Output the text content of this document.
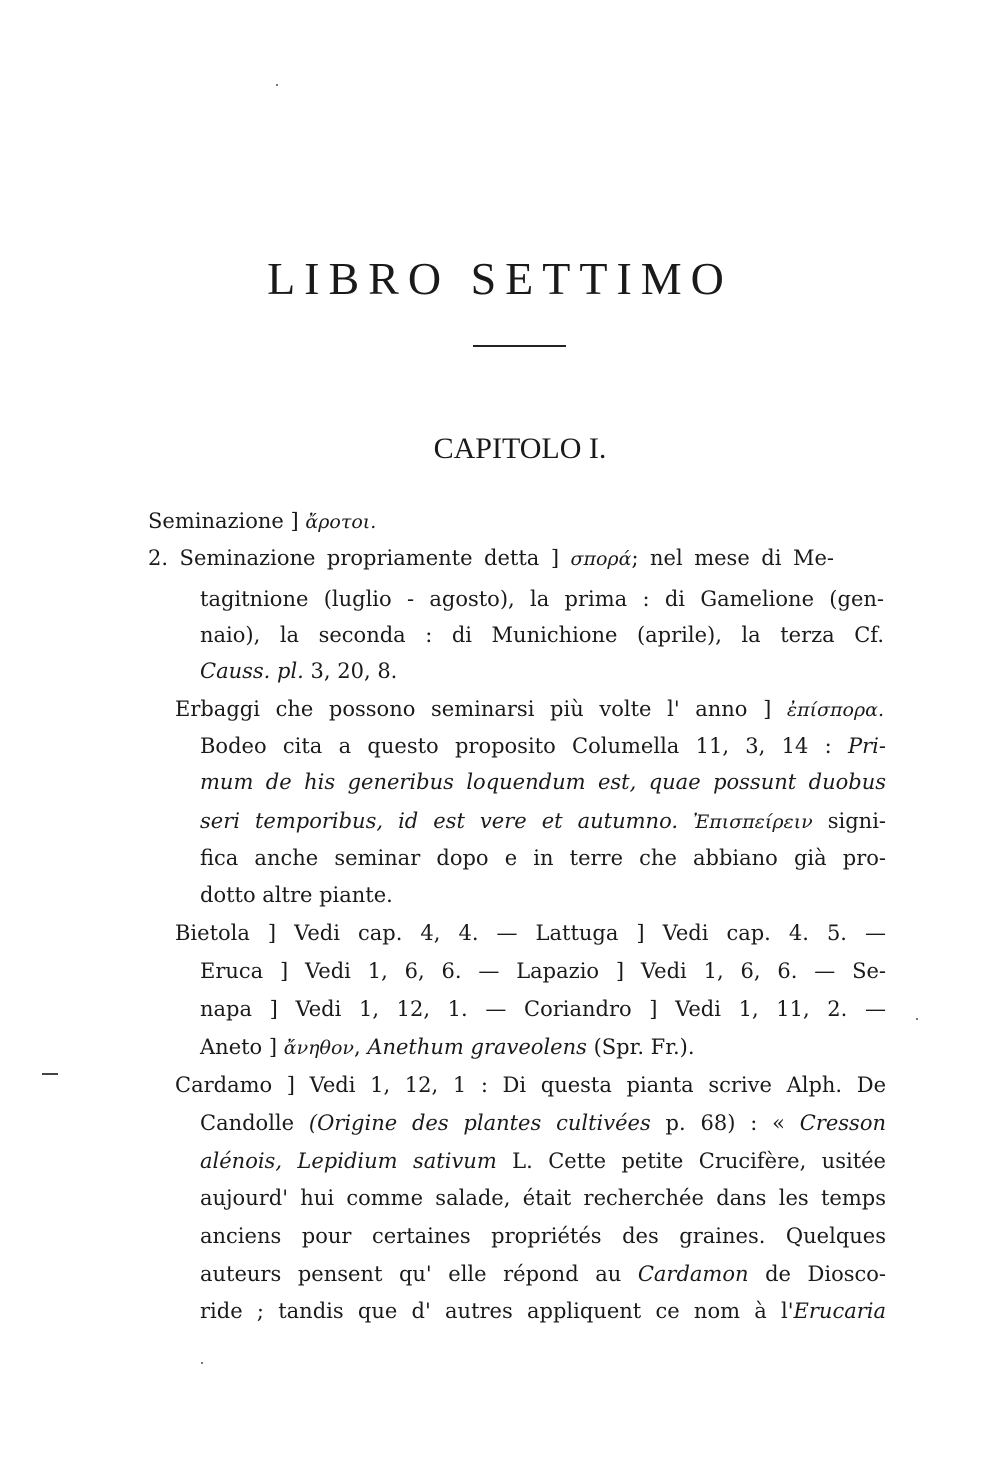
LIBRO SETTIMO
CAPITOLO I.
Seminazione ] ἄροτοι.
2. Seminazione propriamente detta ] σπορά; nel mese di Me-
tagitnione (luglio - agosto), la prima : di Gamelione (gen-
naio), la seconda : di Munichione (aprile), la terza Cf.
Causs. pl. 3, 20, 8.
Erbaggi che possono seminarsi più volte l' anno ] ἐπίσπορα.
Bodeo cita a questo proposito Columella 11, 3, 14 : Pri-
mum de his generibus loquendum est, quae possunt duobus
seri temporibus, id est vere et autumno. Ἐπισπείρειν signi-
fica anche seminar dopo e in terre che abbiano già pro-
dotto altre piante.
Bietola ] Vedi cap. 4, 4. — Lattuga ] Vedi cap. 4. 5. —
Eruca ] Vedi 1, 6, 6. — Lapazio ] Vedi 1, 6, 6. — Se-
napa ] Vedi 1, 12, 1. — Coriandro ] Vedi 1, 11, 2. —
Aneto ] ἄνηθον, Anethum graveolens (Spr. Fr.).
Cardamo ] Vedi 1, 12, 1 : Di questa pianta scrive Alph. De
Candolle (Origine des plantes cultivées p. 68) : « Cresson
alénois, Lepidium sativum L. Cette petite Crucifère, usitée
aujourd' hui comme salade, était recherchée dans les temps
anciens pour certaines propriétés des graines. Quelques
auteurs pensent qu' elle répond au Cardamon de Diosco-
ride ; tandis que d' autres appliquent ce nom à l'Erucaria
